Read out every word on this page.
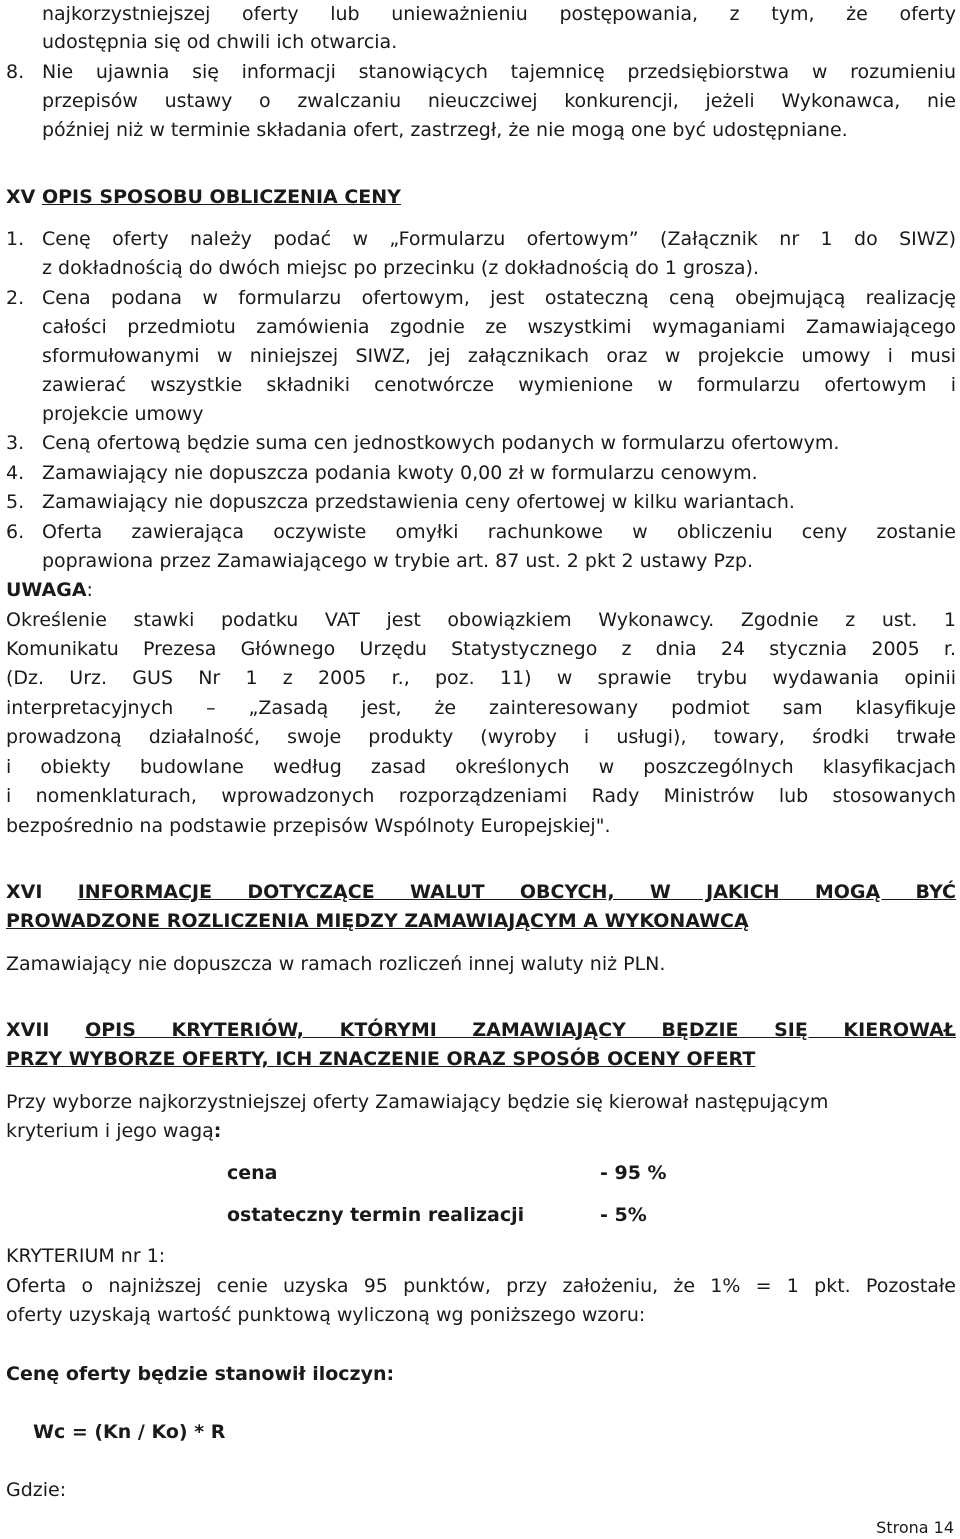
najkorzystniejszej oferty lub unieważnieniu postępowania, z tym, że oferty
udostępnia się od chwili ich otwarcia.
8. Nie ujawnia się informacji stanowiących tajemnicę przedsiębiorstwa w rozumieniu
przepisów ustawy o zwalczaniu nieuczciwej konkurencji, jeżeli Wykonawca, nie
później niż w terminie składania ofert, zastrzegł, że nie mogą one być udostępniane.
XV OPIS SPOSOBU OBLICZENIA CENY
1. Cenę oferty należy podać w „Formularzu ofertowym” (Załącznik nr 1 do SIWZ)
z dokładnością do dwóch miejsc po przecinku (z dokładnością do 1 grosza).
2. Cena podana w formularzu ofertowym, jest ostateczną ceną obejmującą realizację
całości przedmiotu zamówienia zgodnie ze wszystkimi wymaganiami Zamawiającego
sformułowanymi w niniejszej SIWZ, jej załącznikach oraz w projekcie umowy i musi
zawierać wszystkie składniki cenotwórcze wymienione w formularzu ofertowym i
projekcie umowy
3. Ceną ofertową będzie suma cen jednostkowych podanych w formularzu ofertowym.
4. Zamawiający nie dopuszcza podania kwoty 0,00 zł w formularzu cenowym.
5. Zamawiający nie dopuszcza przedstawienia ceny ofertowej w kilku wariantach.
6. Oferta zawierająca oczywiste omyłki rachunkowe w obliczeniu ceny zostanie
poprawiona przez Zamawiającego w trybie art. 87 ust. 2 pkt 2 ustawy Pzp.
UWAGA:
Określenie stawki podatku VAT jest obowiązkiem Wykonawcy. Zgodnie z ust. 1
Komunikatu Prezesa Głównego Urzędu Statystycznego z dnia 24 stycznia 2005 r.
(Dz. Urz. GUS Nr 1 z 2005 r., poz. 11) w sprawie trybu wydawania opinii
interpretacyjnych – „Zasadą jest, że zainteresowany podmiot sam klasyfikuje
prowadzoną działalność, swoje produkty (wyroby i usługi), towary, środki trwałe
i obiekty budowlane według zasad określonych w poszczególnych klasyfikacjach
i nomenklaturach, wprowadzonych rozporządzeniami Rady Ministrów lub stosowanych
bezpośrednio na podstawie przepisów Wspólnoty Europejskiej".
XVI INFORMACJE DOTYCZĄCE WALUT OBCYCH, W JAKICH MOGĄ BYĆ
PROWADZONE ROZLICZENIA MIĘDZY ZAMAWIAJĄCYM A WYKONAWCĄ
Zamawiający nie dopuszcza w ramach rozliczeń innej waluty niż PLN.
XVII OPIS KRYTERIÓW, KTÓRYMI ZAMAWIAJĄCY BĘDZIE SIĘ KIEROWAŁ
PRZY WYBORZE OFERTY, ICH ZNACZENIE ORAZ SPOSÓB OCENY OFERT
Przy wyborze najkorzystniejszej oferty Zamawiający będzie się kierował następującym
kryterium i jego wagą:
cena	- 95 %
ostateczny termin realizacji	- 5%
KRYTERIUM nr 1:
Oferta o najniższej cenie uzyska 95 punktów, przy założeniu, że 1% = 1 pkt. Pozostałe
oferty uzyskają wartość punktową wyliczoną wg poniższego wzoru:
Cenę oferty będzie stanowił iloczyn:
Wc = (Kn / Ko) * R
Gdzie:
Strona 14
